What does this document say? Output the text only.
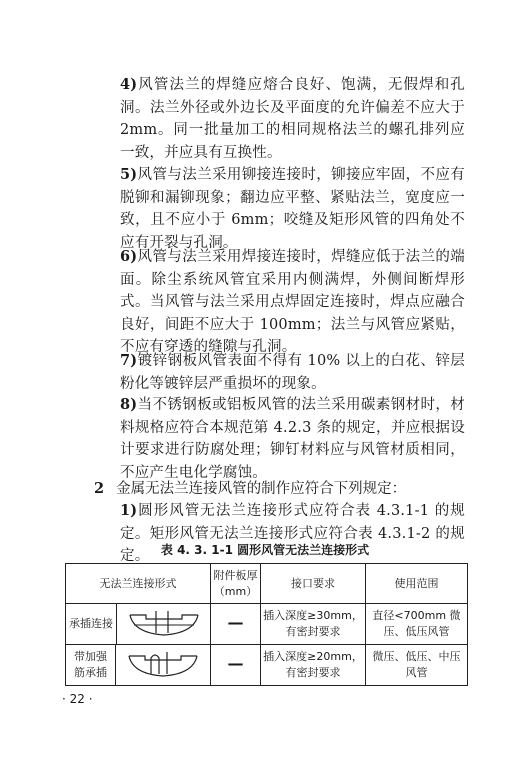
4)风管法兰的焊缝应熔合良好、饱满，无假焊和孔洞。法兰外径或外边长及平面度的允许偏差不应大于 2mm。同一批量加工的相同规格法兰的螺孔排列应一致，并应具有互换性。

5)风管与法兰采用铆接连接时，铆接应牢固，不应有脱铆和漏铆现象；翻边应平整、紧贴法兰，宽度应一致，且不应小于 6mm；咬缝及矩形风管的四角处不应有开裂与孔洞。

6)风管与法兰采用焊接连接时，焊缝应低于法兰的端面。除尘系统风管宜采用内侧满焊，外侧间断焊形式。当风管与法兰采用点焊固定连接时，焊点应融合良好，间距不应大于 100mm；法兰与风管应紧贴，不应有穿透的缝隙与孔洞。

7)镀锌钢板风管表面不得有 10% 以上的白花、锌层粉化等镀锌层严重损坏的现象。

8)当不锈钢板或铝板风管的法兰采用碳素钢材时，材料规格应符合本规范第 4.2.3 条的规定，并应根据设计要求进行防腐处理；铆钉材料应与风管材质相同，不应产生电化学腐蚀。

2 金属无法兰连接风管的制作应符合下列规定：

1)圆形风管无法兰连接形式应符合表 4.3.1-1 的规定。矩形风管无法兰连接形式应符合表 4.3.1-2 的规定。 表 4. 3. 1-1 圆形风管无法兰连接形式
无法兰连接形式	附件板厚（mm）	接口要求	使用范围

承插连接	—	插入深度≥30mm，有密封要求	直径<700mm 微压、低压风管

带加强筋承插	—	插入深度≥20mm，有密封要求	微压、低压、中压风管
· 22 ·
